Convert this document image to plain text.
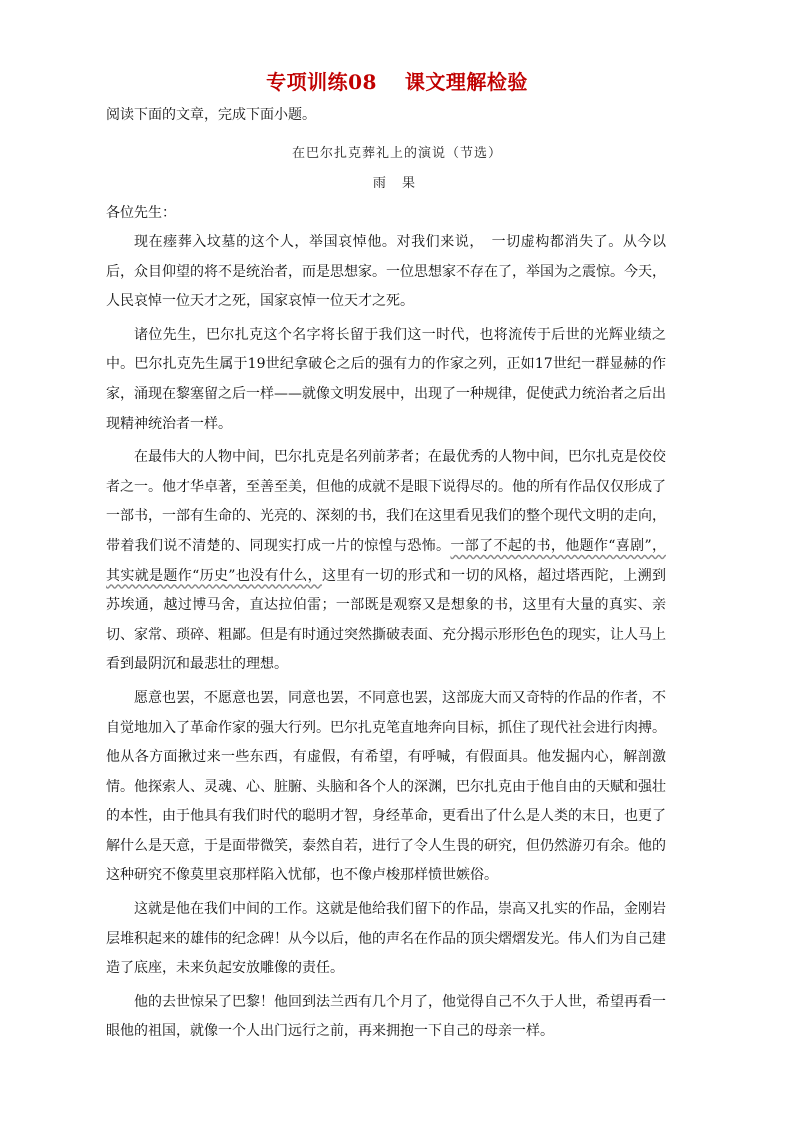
专项训练08　 课文理解检验
阅读下面的文章，完成下面小题。
在巴尔扎克葬礼上的演说（节选）
雨 果
各位先生：

现在瘗葬入坟墓的这个人，举国哀悼他。对我们来说，　一切虚构都消失了。从今以后，众目仰望的将不是统治者，而是思想家。一位思想家不存在了，举国为之震惊。今天，人民哀悼一位天才之死，国家哀悼一位天才之死。

诸位先生，巴尔扎克这个名字将长留于我们这一时代，也将流传于后世的光辉业绩之中。巴尔扎克先生属于19世纪拿破仑之后的强有力的作家之列，正如17世纪一群显赫的作家，涌现在黎塞留之后一样——就像文明发展中，出现了一种规律，促使武力统治者之后出现精神统治者一样。

在最伟大的人物中间，巴尔扎克是名列前茅者；在最优秀的人物中间，巴尔扎克是佼佼者之一。他才华卓著，至善至美，但他的成就不是眼下说得尽的。他的所有作品仅仅形成了一部书，一部有生命的、光亮的、深刻的书，我们在这里看见我们的整个现代文明的走向，带着我们说不清楚的、同现实打成一片的惊惶与恐怖。一部了不起的书，他题作“喜剧”，其实就是题作“历史”也没有什么，这里有一切的形式和一切的风格，超过塔西陀，上溯到苏埃通，越过博马舍，直达拉伯雷；一部既是观察又是想象的书，这里有大量的真实、亲切、家常、琐碎、粗鄙。但是有时通过突然撕破表面、充分揭示形形色色的现实，让人马上看到最阴沉和最悲壮的理想。

愿意也罢，不愿意也罢，同意也罢，不同意也罢，这部庞大而又奇特的作品的作者，不自觉地加入了革命作家的强大行列。巴尔扎克笔直地奔向目标，抓住了现代社会进行肉搏。他从各方面揪过来一些东西，有虚假，有希望，有呼喊，有假面具。他发掘内心，解剖激情。他探索人、灵魂、心、脏腑、头脑和各个人的深渊，巴尔扎克由于他自由的天赋和强壮的本性，由于他具有我们时代的聪明才智，身经革命，更看出了什么是人类的末日，也更了解什么是天意，于是面带微笑，泰然自若，进行了令人生畏的研究，但仍然游刃有余。他的这种研究不像莫里哀那样陷入忧郁，也不像卢梭那样愤世嫉俗。

这就是他在我们中间的工作。这就是他给我们留下的作品，崇高又扎实的作品，金刚岩层堆积起来的雄伟的纪念碑！从今以后，他的声名在作品的顶尖熠熠发光。伟人们为自己建造了底座，未来负起安放雕像的责任。

他的去世惊呆了巴黎！他回到法兰西有几个月了，他觉得自己不久于人世，希望再看一眼他的祖国，就像一个人出门远行之前，再来拥抱一下自己的母亲一样。
